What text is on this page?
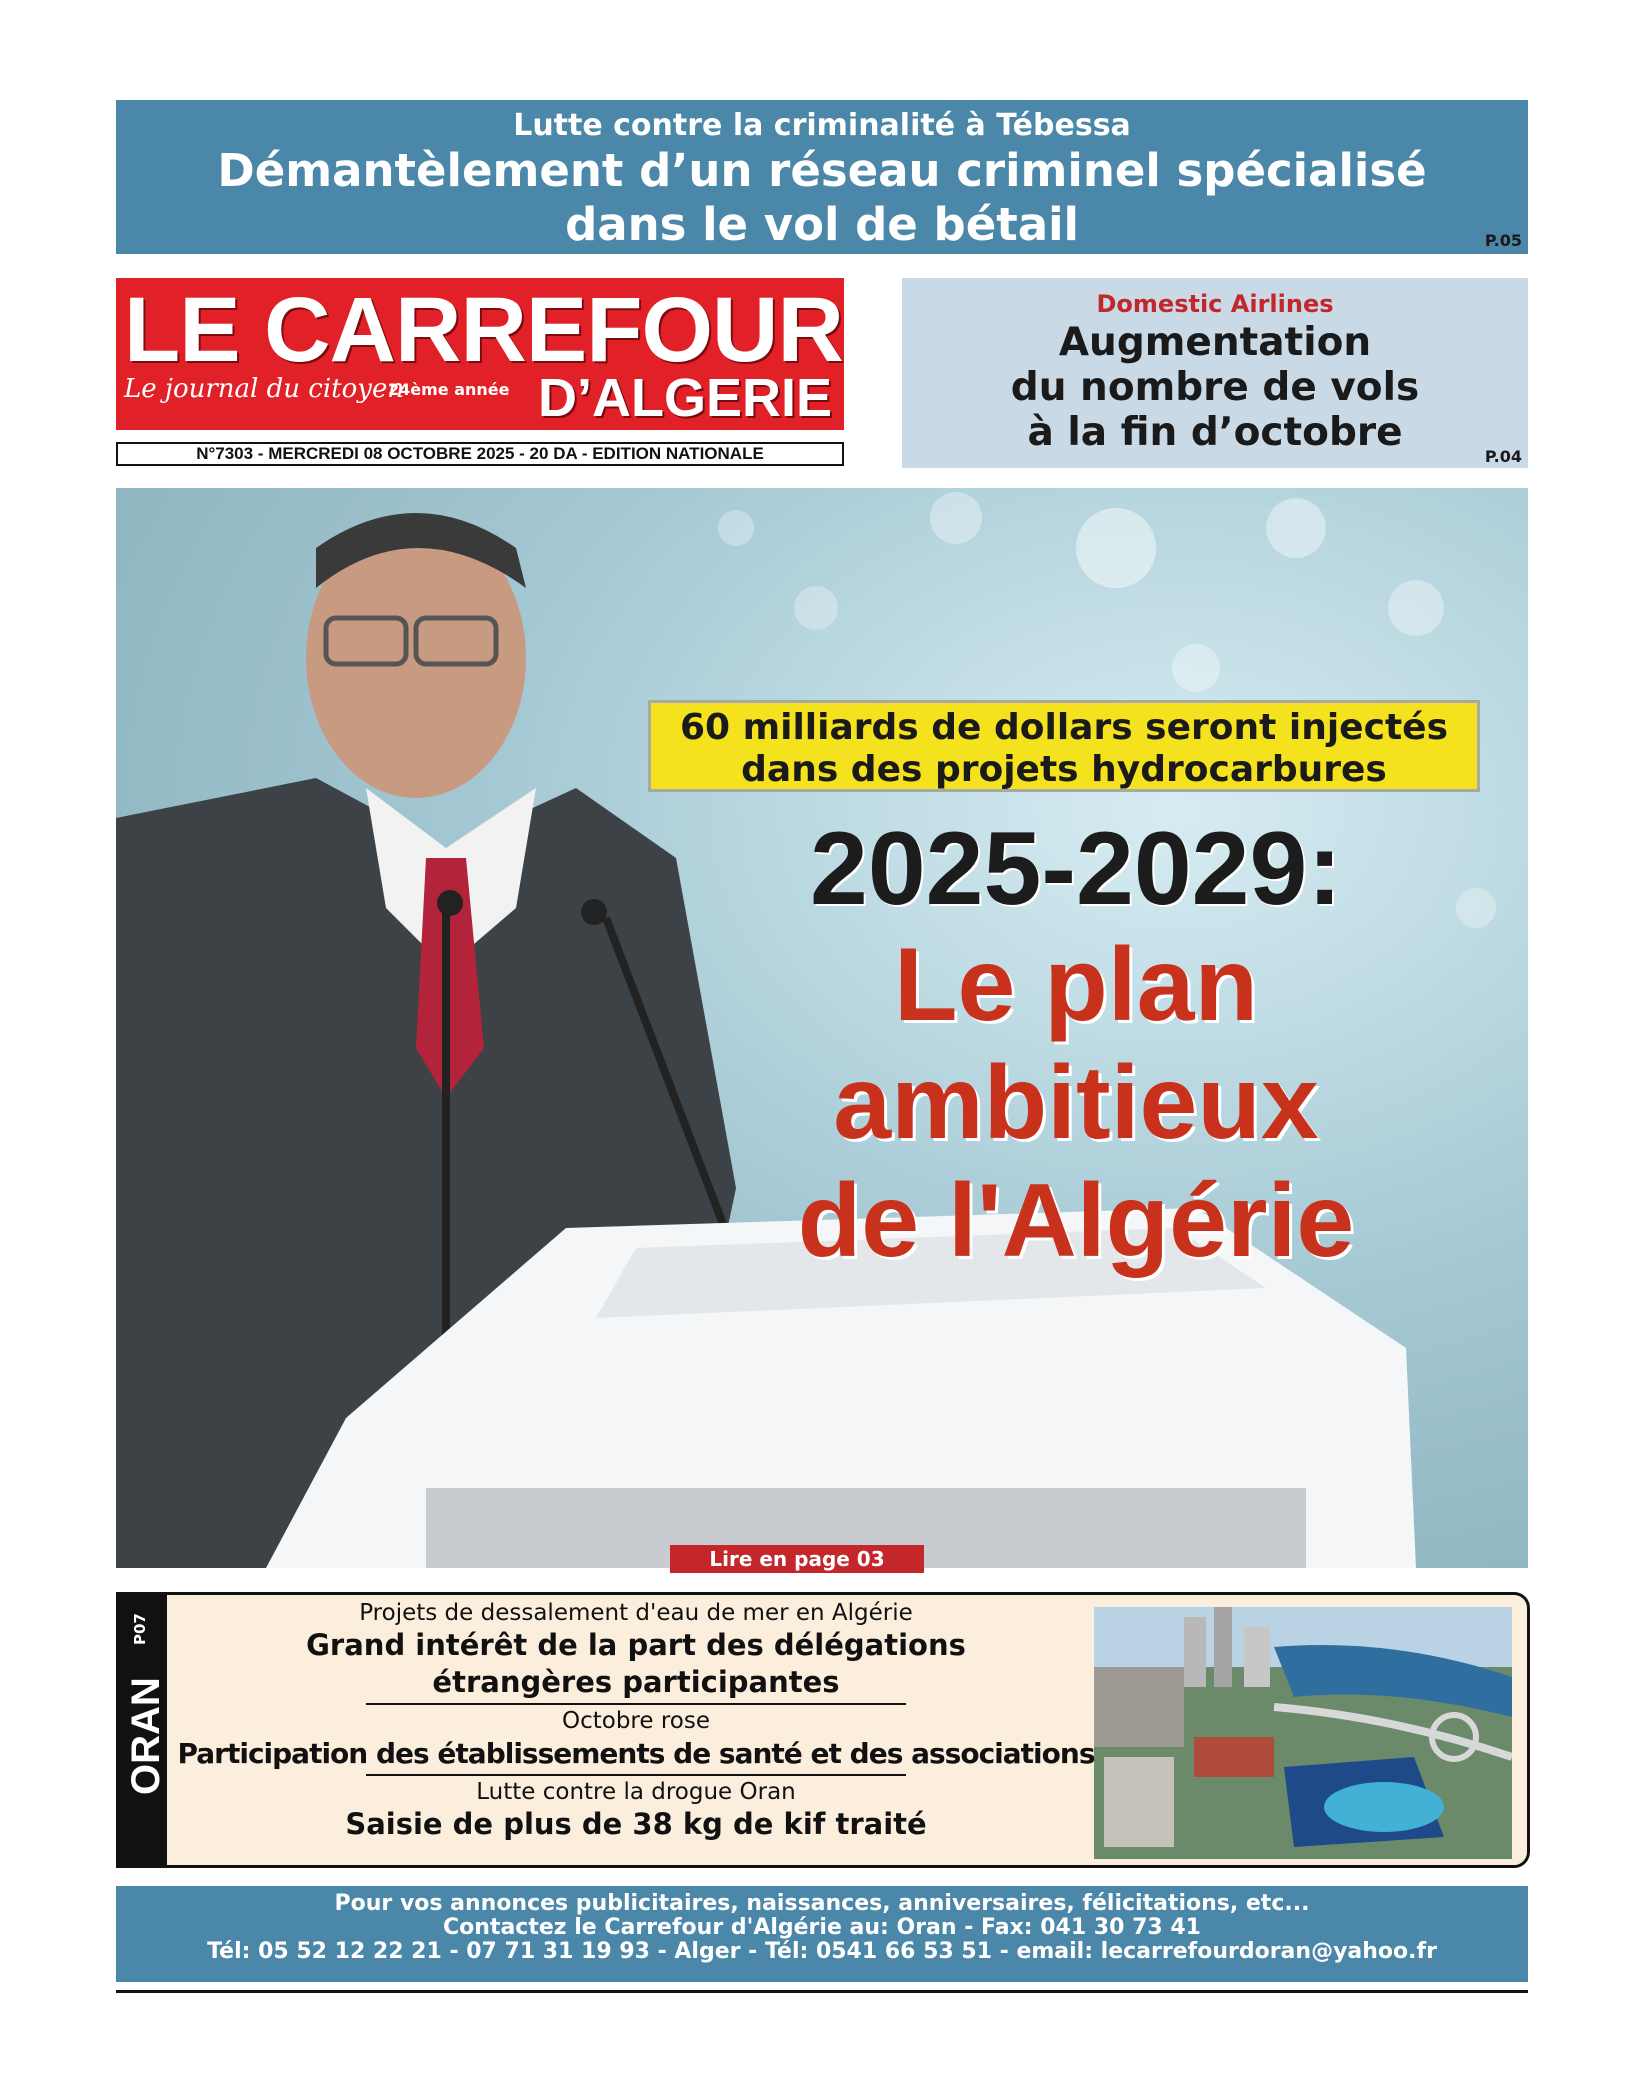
Lutte contre la criminalité à Tébessa
Démantèlement d’un réseau criminel spécialisé
dans le vol de bétail	P.05
LE CARREFOUR
Le journal du citoyen
24ème année D’ALGERIE
N°7303 - MERCREDI 08 OCTOBRE 2025 - 20 DA - EDITION NATIONALE
Domestic Airlines
Augmentation
du nombre de vols
à la fin d’octobre
P.04
60 milliards de dollars seront injectés
dans des projets hydrocarbures
2025-2029:
Le plan
ambitieux
de l'Algérie
Lire en page 03
P07
ORAN
Projets de dessalement d'eau de mer en Algérie
Grand intérêt de la part des délégations
étrangères participantes
Octobre rose
Participation des établissements de santé et des associations
Lutte contre la drogue Oran
Saisie de plus de 38 kg de kif traité
Pour vos annonces publicitaires, naissances, anniversaires, félicitations, etc...
Contactez le Carrefour d'Algérie au: Oran - Fax: 041 30 73 41
Tél: 05 52 12 22 21 - 07 71 31 19 93 - Alger - Tél: 0541 66 53 51 - email: lecarrefourdoran@yahoo.fr
